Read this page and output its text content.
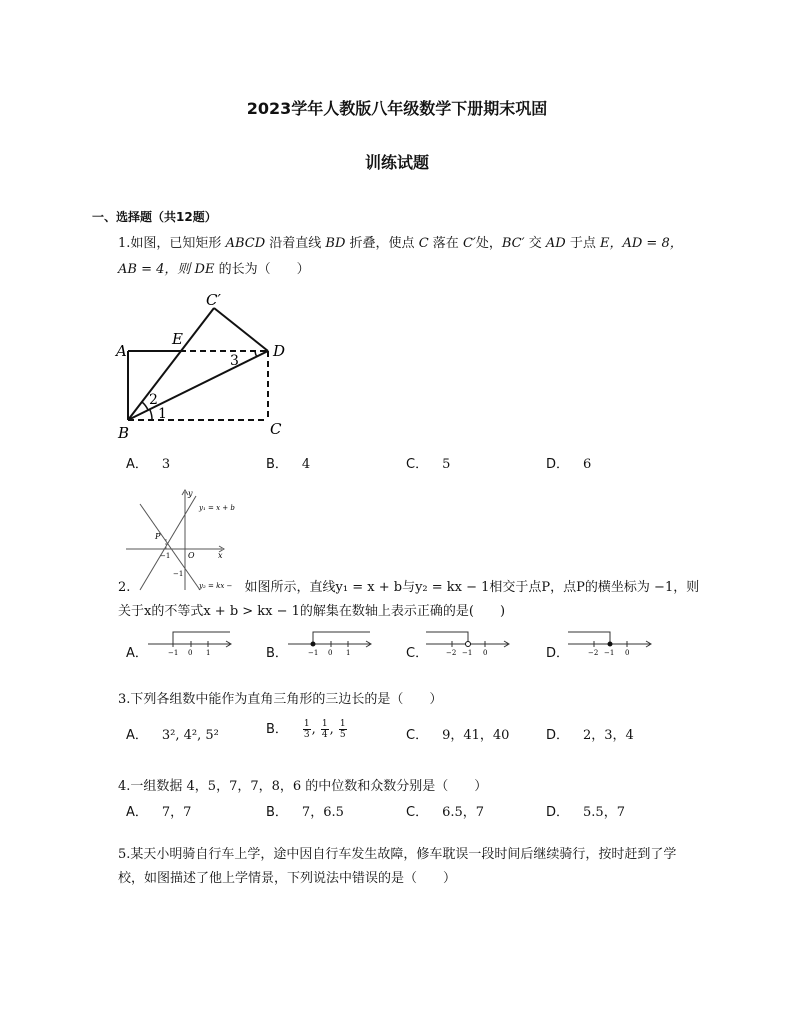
2023学年人教版八年级数学下册期末巩固
训练试题
一、选择题（共12题）
1.如图，已知矩形 ABCD 沿着直线 BD 折叠，使点 C 落在 C′处，BC′ 交 AD 于点 E，AD = 8，
AB = 4，则 DE 的长为（　　）
A
E
D
B	C
C′
1
2
3
A． 3	B． 4	C． 5	D． 6
y
x
y₁ = x + b
y₂ = kx −
P
O
−1
−1
2.	如图所示，直线y₁ = x + b与y₂ = kx − 1相交于点P，点P的横坐标为 −1，则
关于x的不等式x + b > kx − 1的解集在数轴上表示正确的是(　　)
A．	−1 0 1	B．	−1 0 1	C．	−2 −1 0	D．	−2 −1 0
3.下列各组数中能作为直角三角形的三边长的是（　　）
A． 3², 4², 5²	B． $\frac{1}{3}$ , $\frac{1}{4}$ , $\frac{1}{5}$	C． 9，41，40	D． 2，3，4
4.一组数据 4，5，7，7，8，6 的中位数和众数分别是（　　）
A． 7，7	B． 7，6.5	C． 6.5，7	D． 5.5，7
5.某天小明骑自行车上学，途中因自行车发生故障，修车耽误一段时间后继续骑行，按时赶到了学
校，如图描述了他上学情景，下列说法中错误的是（　　）
